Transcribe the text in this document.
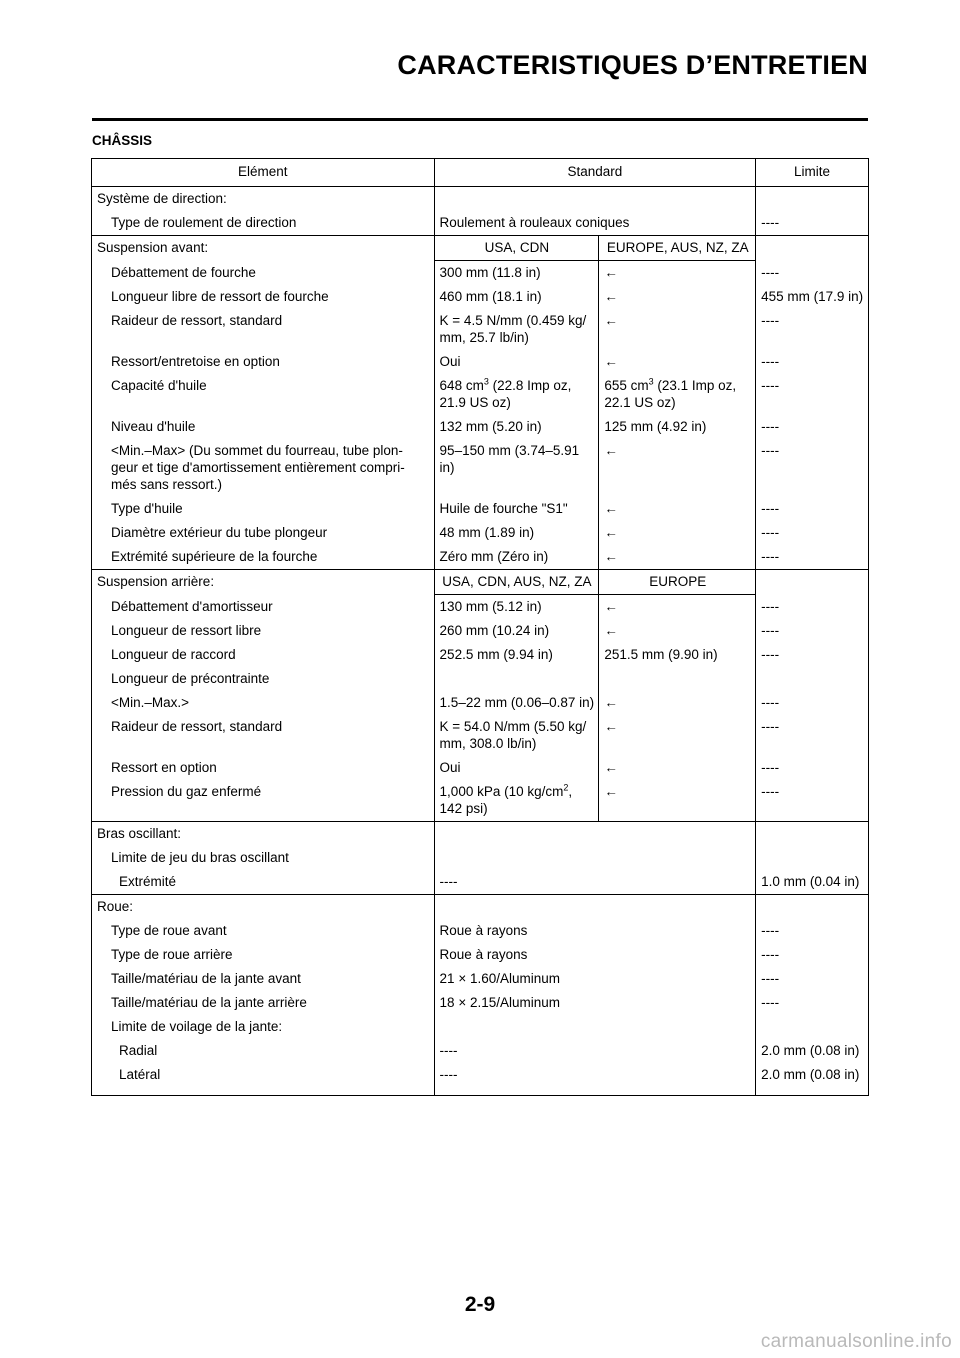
CARACTERISTIQUES D’ENTRETIEN
CHÂSSIS
Elément	Standard		Limite
Système de direction:			
Type de roulement de direction	Roulement à rouleaux coniques		----
Suspension avant:	USA, CDN	EUROPE, AUS, NZ, ZA	
Débattement de fourche	300 mm (11.8 in)	←	----
Longueur libre de ressort de fourche	460 mm (18.1 in)	←	455 mm (17.9 in)
Raideur de ressort, standard	K = 4.5 N/mm (0.459 kg/ mm, 25.7 lb/in)	←	----
Ressort/entretoise en option	Oui	←	----
Capacité d'huile	648 $cm^3$ (22.8 Imp oz, 21.9 US oz)	655 $cm^3$ (23.1 Imp oz, 22.1 US oz)	----
Niveau d'huile	132 mm (5.20 in)	125 mm (4.92 in)	----
<Min.–Max> (Du sommet du fourreau, tube plon- geur et tige d'amortissement entièrement compri- més sans ressort.)	95–150 mm (3.74–5.91 in)	←	----
Type d'huile	Huile de fourche "S1"	←	----
Diamètre extérieur du tube plongeur	48 mm (1.89 in)	←	----
Extrémité supérieure de la fourche	Zéro mm (Zéro in)	←	----
Suspension arrière:	USA, CDN, AUS, NZ, ZA	EUROPE	
Débattement d'amortisseur	130 mm (5.12 in)	←	----
Longueur de ressort libre	260 mm (10.24 in)	←	----
Longueur de raccord	252.5 mm (9.94 in)	251.5 mm (9.90 in)	----
Longueur de précontrainte			
<Min.–Max.>	1.5–22 mm (0.06–0.87 in)	←	----
Raideur de ressort, standard	K = 54.0 N/mm (5.50 kg/ mm, 308.0 lb/in)	←	----
Ressort en option	Oui	←	----
Pression du gaz enfermé	1,000 kPa (10 $kg/cm^2$, 142 psi)	←	----
Bras oscillant:			
Limite de jeu du bras oscillant			
Extrémité	----		1.0 mm (0.04 in)
Roue:			
Type de roue avant	Roue à rayons		----
Type de roue arrière	Roue à rayons		----
Taille/matériau de la jante avant	21 × 1.60/Aluminum		----
Taille/matériau de la jante arrière	18 × 2.15/Aluminum		----
Limite de voilage de la jante:			
Radial	----		2.0 mm (0.08 in)
Latéral	----		2.0 mm (0.08 in)
2-9
carmanualsonline.info
